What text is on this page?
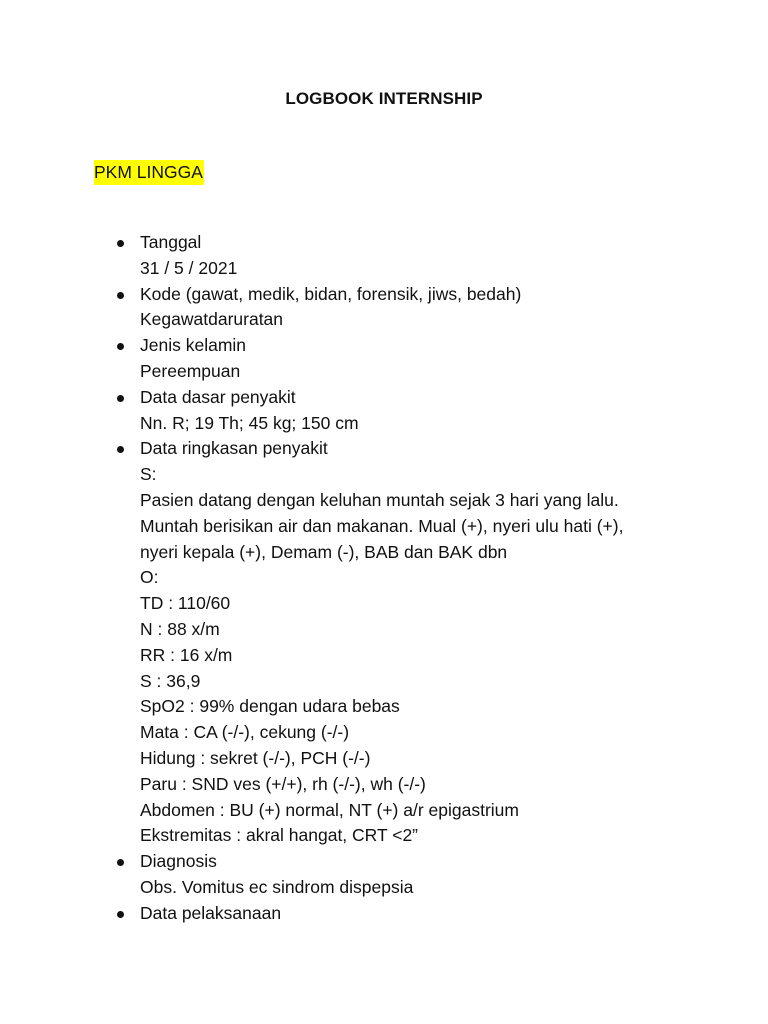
LOGBOOK INTERNSHIP
PKM LINGGA
Tanggal
31 / 5 / 2021
Kode (gawat, medik, bidan, forensik, jiws, bedah)
Kegawatdaruratan
Jenis kelamin
Pereempuan
Data dasar penyakit
Nn. R; 19 Th; 45 kg; 150 cm
Data ringkasan penyakit
S:
Pasien datang dengan keluhan muntah sejak 3 hari yang lalu.
Muntah berisikan air dan makanan. Mual (+), nyeri ulu hati (+),
nyeri kepala (+), Demam (-), BAB dan BAK dbn
O:
TD : 110/60
N : 88 x/m
RR : 16 x/m
S : 36,9
SpO2 : 99% dengan udara bebas
Mata : CA (-/-), cekung (-/-)
Hidung : sekret (-/-), PCH (-/-)
Paru : SND ves (+/+), rh (-/-), wh (-/-)
Abdomen : BU (+) normal, NT (+) a/r epigastrium
Ekstremitas : akral hangat, CRT <2”
Diagnosis
Obs. Vomitus ec sindrom dispepsia
Data pelaksanaan
